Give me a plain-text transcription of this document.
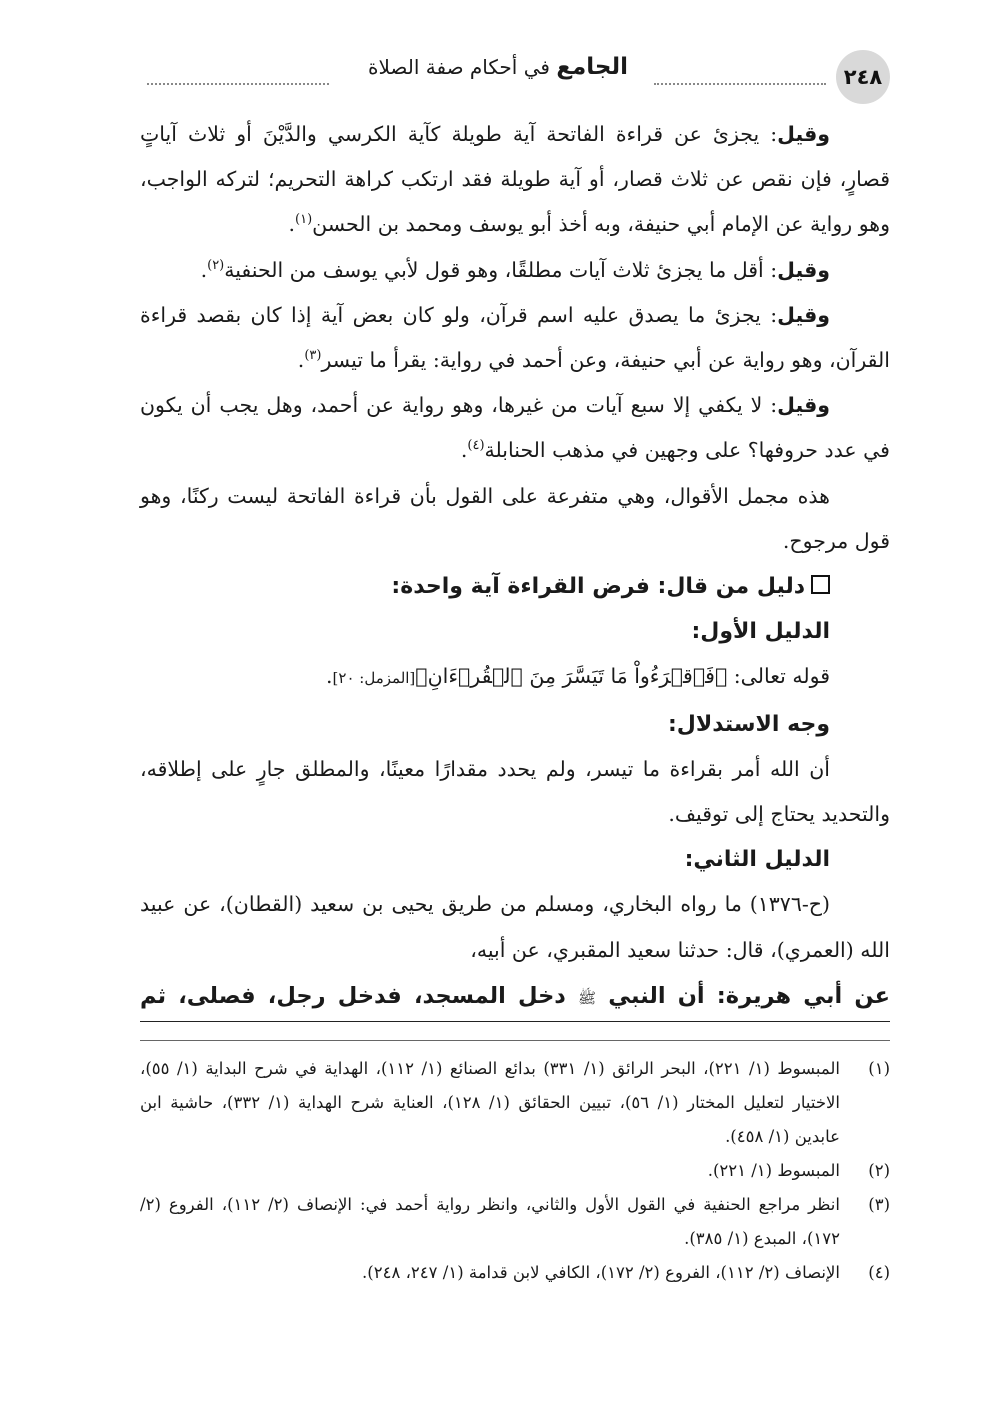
٢٤٨
الجامع في أحكام صفة الصلاة

وقيل: يجزئ عن قراءة الفاتحة آية طويلة كآية الكرسي والدَّيْنَ أو ثلاث آياتٍ قصارٍ، فإن نقص عن ثلاث قصار، أو آية طويلة فقد ارتكب كراهة التحريم؛ لتركه الواجب، وهو رواية عن الإمام أبي حنيفة، وبه أخذ أبو يوسف ومحمد بن الحسن$^{(١)}$.

وقيل: أقل ما يجزئ ثلاث آيات مطلقًا، وهو قول لأبي يوسف من الحنفية$^{(٢)}$.

وقيل: يجزئ ما يصدق عليه اسم قرآن، ولو كان بعض آية إذا كان بقصد قراءة القرآن، وهو رواية عن أبي حنيفة، وعن أحمد في رواية: يقرأ ما تيسر$^{(٣)}$.

وقيل: لا يكفي إلا سبع آيات من غيرها، وهو رواية عن أحمد، وهل يجب أن يكون في عدد حروفها؟ على وجهين في مذهب الحنابلة$^{(٤)}$.

هذه مجمل الأقوال، وهي متفرعة على القول بأن قراءة الفاتحة ليست ركنًا، وهو قول مرجوح.

دليل من قال: فرض القراءة آية واحدة:

الدليل الأول:

قوله تعالى: ﴿فَٱقۡرَءُواْ مَا تَيَسَّرَ مِنَ ٱلۡقُرۡءَانِ﴾[المزمل: ٢٠].

وجه الاستدلال:

أن الله أمر بقراءة ما تيسر، ولم يحدد مقدارًا معينًا، والمطلق جارٍ على إطلاقه، والتحديد يحتاج إلى توقيف.

الدليل الثاني:

(ح-١٣٧٦) ما رواه البخاري، ومسلم من طريق يحيى بن سعيد (القطان)، عن عبيد الله (العمري)، قال: حدثنا سعيد المقبري، عن أبيه،

عن أبي هريرة: أن النبي ﷺ دخل المسجد، فدخل رجل، فصلى، ثم
(١)
المبسوط (١/ ٢٢١)، البحر الرائق (١/ ٣٣١) بدائع الصنائع (١/ ١١٢)، الهداية في شرح البداية (١/ ٥٥)، الاختيار لتعليل المختار (١/ ٥٦)، تبيين الحقائق (١/ ١٢٨)، العناية شرح الهداية (١/ ٣٣٢)، حاشية ابن عابدين (١/ ٤٥٨).
(٢)
المبسوط (١/ ٢٢١).
(٣)
انظر مراجع الحنفية في القول الأول والثاني، وانظر رواية أحمد في: الإنصاف (٢/ ١١٢)، الفروع (٢/ ١٧٢)، المبدع (١/ ٣٨٥).
(٤)
الإنصاف (٢/ ١١٢)، الفروع (٢/ ١٧٢)، الكافي لابن قدامة (١/ ٢٤٧، ٢٤٨).
